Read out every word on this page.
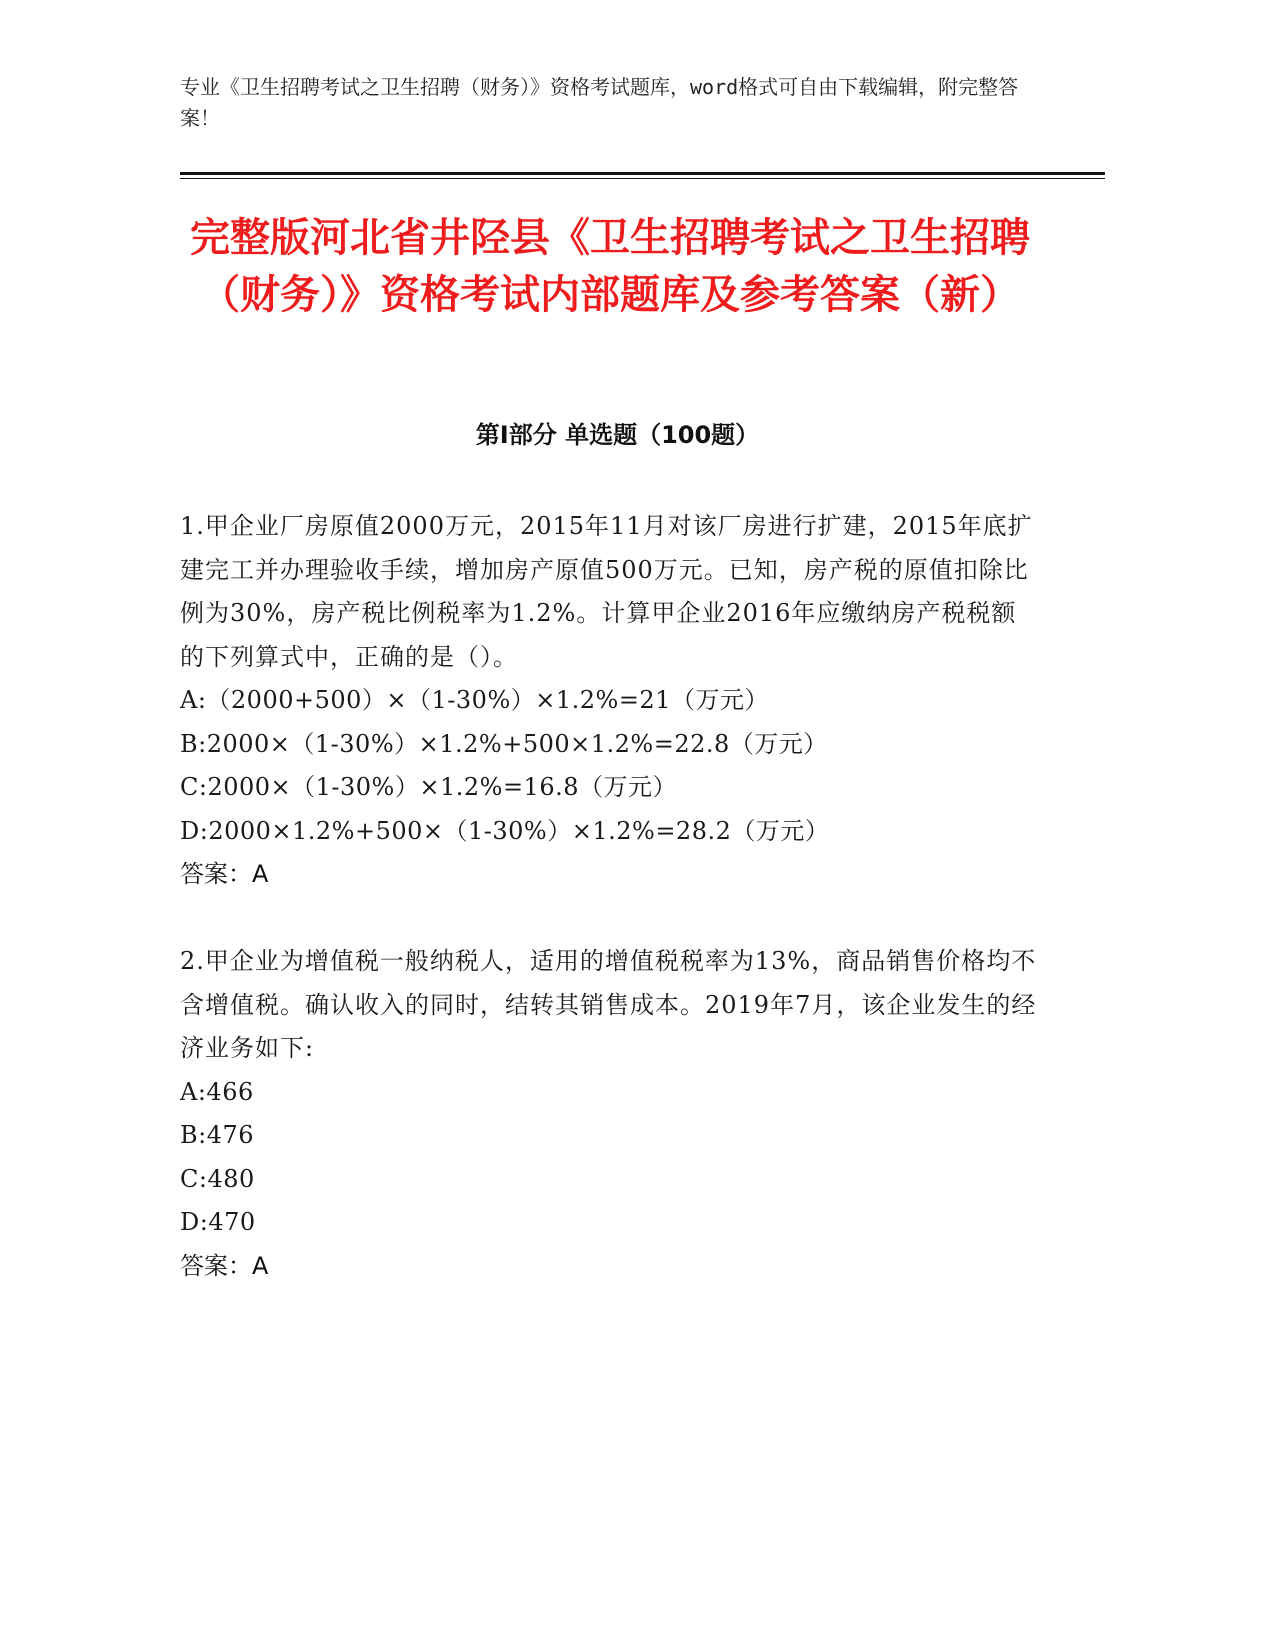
专业《卫生招聘考试之卫生招聘（财务）》资格考试题库，word格式可自由下载编辑，附完整答案！
完整版河北省井陉县《卫生招聘考试之卫生招聘（财务）》资格考试内部题库及参考答案（新）
第Ⅰ部分 单选题（100题）
1.甲企业厂房原值2000万元，2015年11月对该厂房进行扩建，2015年底扩建完工并办理验收手续，增加房产原值500万元。已知，房产税的原值扣除比例为30%，房产税比例税率为1.2%。计算甲企业2016年应缴纳房产税税额的下列算式中，正确的是（）。
A:（2000+500）×（1-30%）×1.2%=21（万元）
B:2000×（1-30%）×1.2%+500×1.2%=22.8（万元）
C:2000×（1-30%）×1.2%=16.8（万元）
D:2000×1.2%+500×（1-30%）×1.2%=28.2（万元）
答案：A
2.甲企业为增值税一般纳税人，适用的增值税税率为13%，商品销售价格均不含增值税。确认收入的同时，结转其销售成本。2019年7月，该企业发生的经济业务如下:
A:466
B:476
C:480
D:470
答案：A
